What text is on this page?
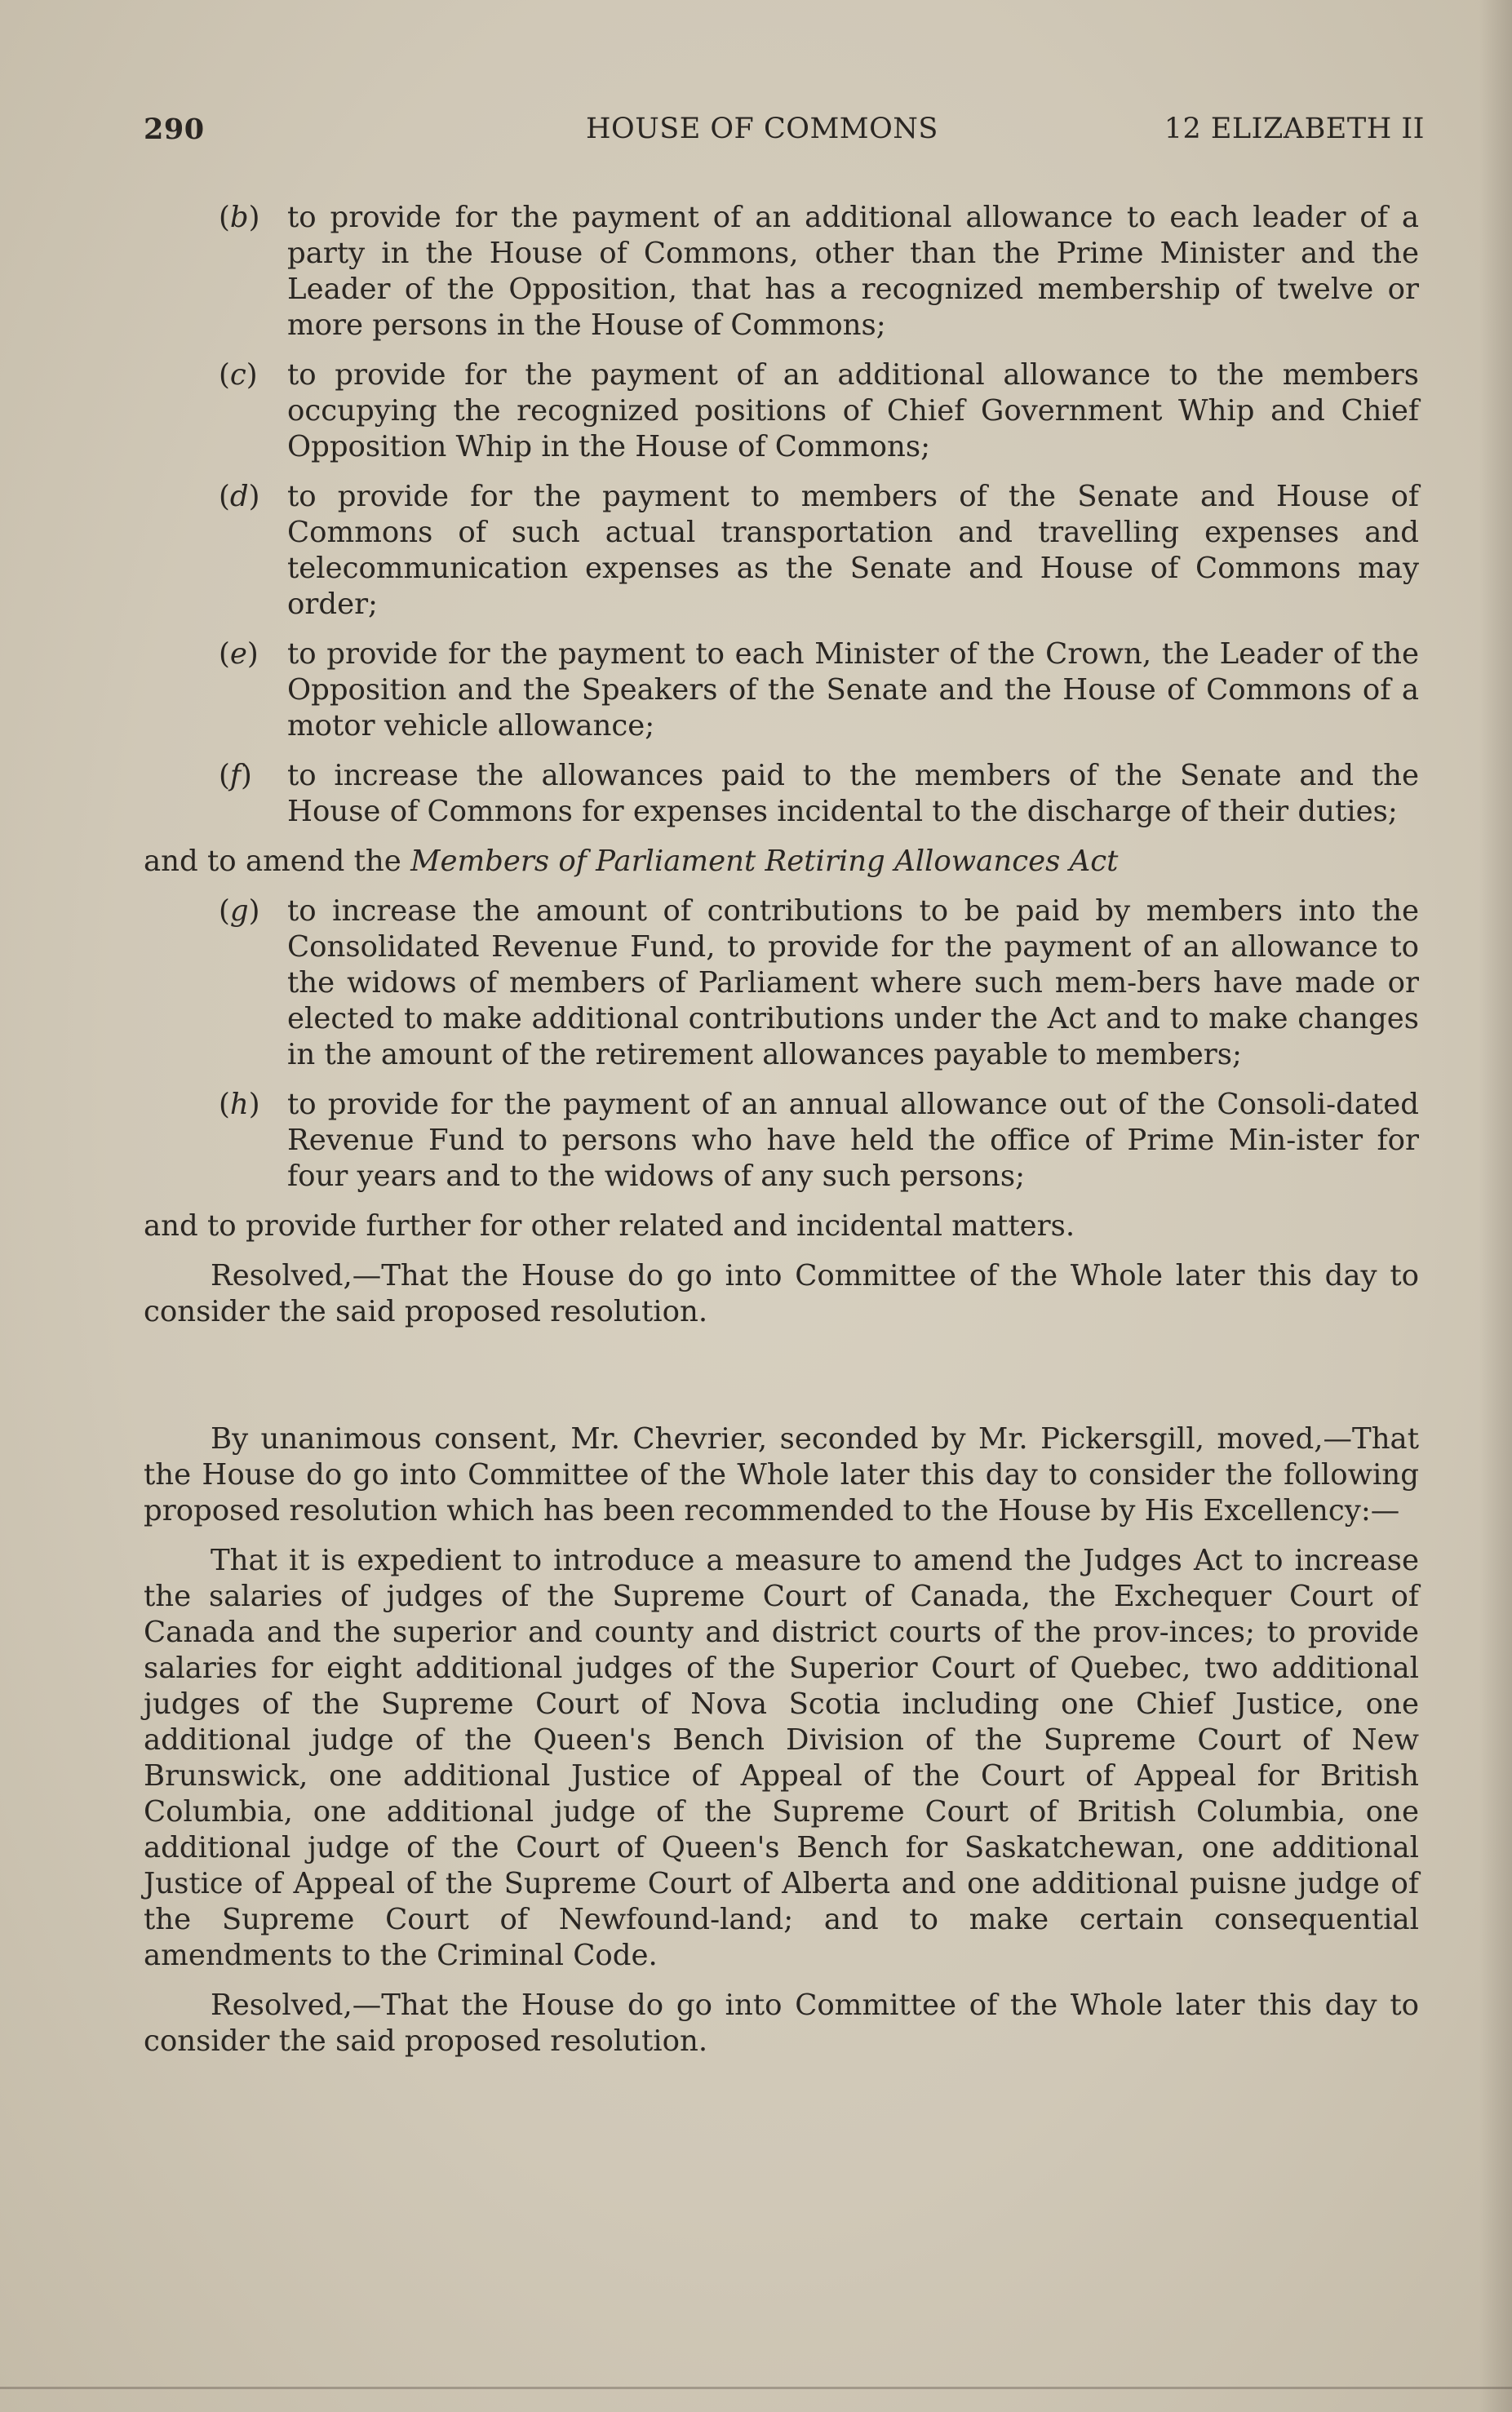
290	HOUSE OF COMMONS	12 ELIZABETH II
(b) to provide for the payment of an additional allowance to each leader of a party in the House of Commons, other than the Prime Minister and the Leader of the Opposition, that has a recognized membership of twelve or more persons in the House of Commons;
(c) to provide for the payment of an additional allowance to the members occupying the recognized positions of Chief Government Whip and Chief Opposition Whip in the House of Commons;
(d) to provide for the payment to members of the Senate and House of Commons of such actual transportation and travelling expenses and telecommunication expenses as the Senate and House of Commons may order;
(e) to provide for the payment to each Minister of the Crown, the Leader of the Opposition and the Speakers of the Senate and the House of Commons of a motor vehicle allowance;
(f) to increase the allowances paid to the members of the Senate and the House of Commons for expenses incidental to the discharge of their duties;
and to amend the Members of Parliament Retiring Allowances Act
(g) to increase the amount of contributions to be paid by members into the Consolidated Revenue Fund, to provide for the payment of an allowance to the widows of members of Parliament where such mem-bers have made or elected to make additional contributions under the Act and to make changes in the amount of the retirement allowances payable to members;
(h) to provide for the payment of an annual allowance out of the Consoli-dated Revenue Fund to persons who have held the office of Prime Min-ister for four years and to the widows of any such persons;
and to provide further for other related and incidental matters.
Resolved,—That the House do go into Committee of the Whole later this day to consider the said proposed resolution.
By unanimous consent, Mr. Chevrier, seconded by Mr. Pickersgill, moved,—That the House do go into Committee of the Whole later this day to consider the following proposed resolution which has been recommended to the House by His Excellency:—
That it is expedient to introduce a measure to amend the Judges Act to increase the salaries of judges of the Supreme Court of Canada, the Exchequer Court of Canada and the superior and county and district courts of the prov-inces; to provide salaries for eight additional judges of the Superior Court of Quebec, two additional judges of the Supreme Court of Nova Scotia including one Chief Justice, one additional judge of the Queen's Bench Division of the Supreme Court of New Brunswick, one additional Justice of Appeal of the Court of Appeal for British Columbia, one additional judge of the Supreme Court of British Columbia, one additional judge of the Court of Queen's Bench for Saskatchewan, one additional Justice of Appeal of the Supreme Court of Alberta and one additional puisne judge of the Supreme Court of Newfound-land; and to make certain consequential amendments to the Criminal Code.
Resolved,—That the House do go into Committee of the Whole later this day to consider the said proposed resolution.
